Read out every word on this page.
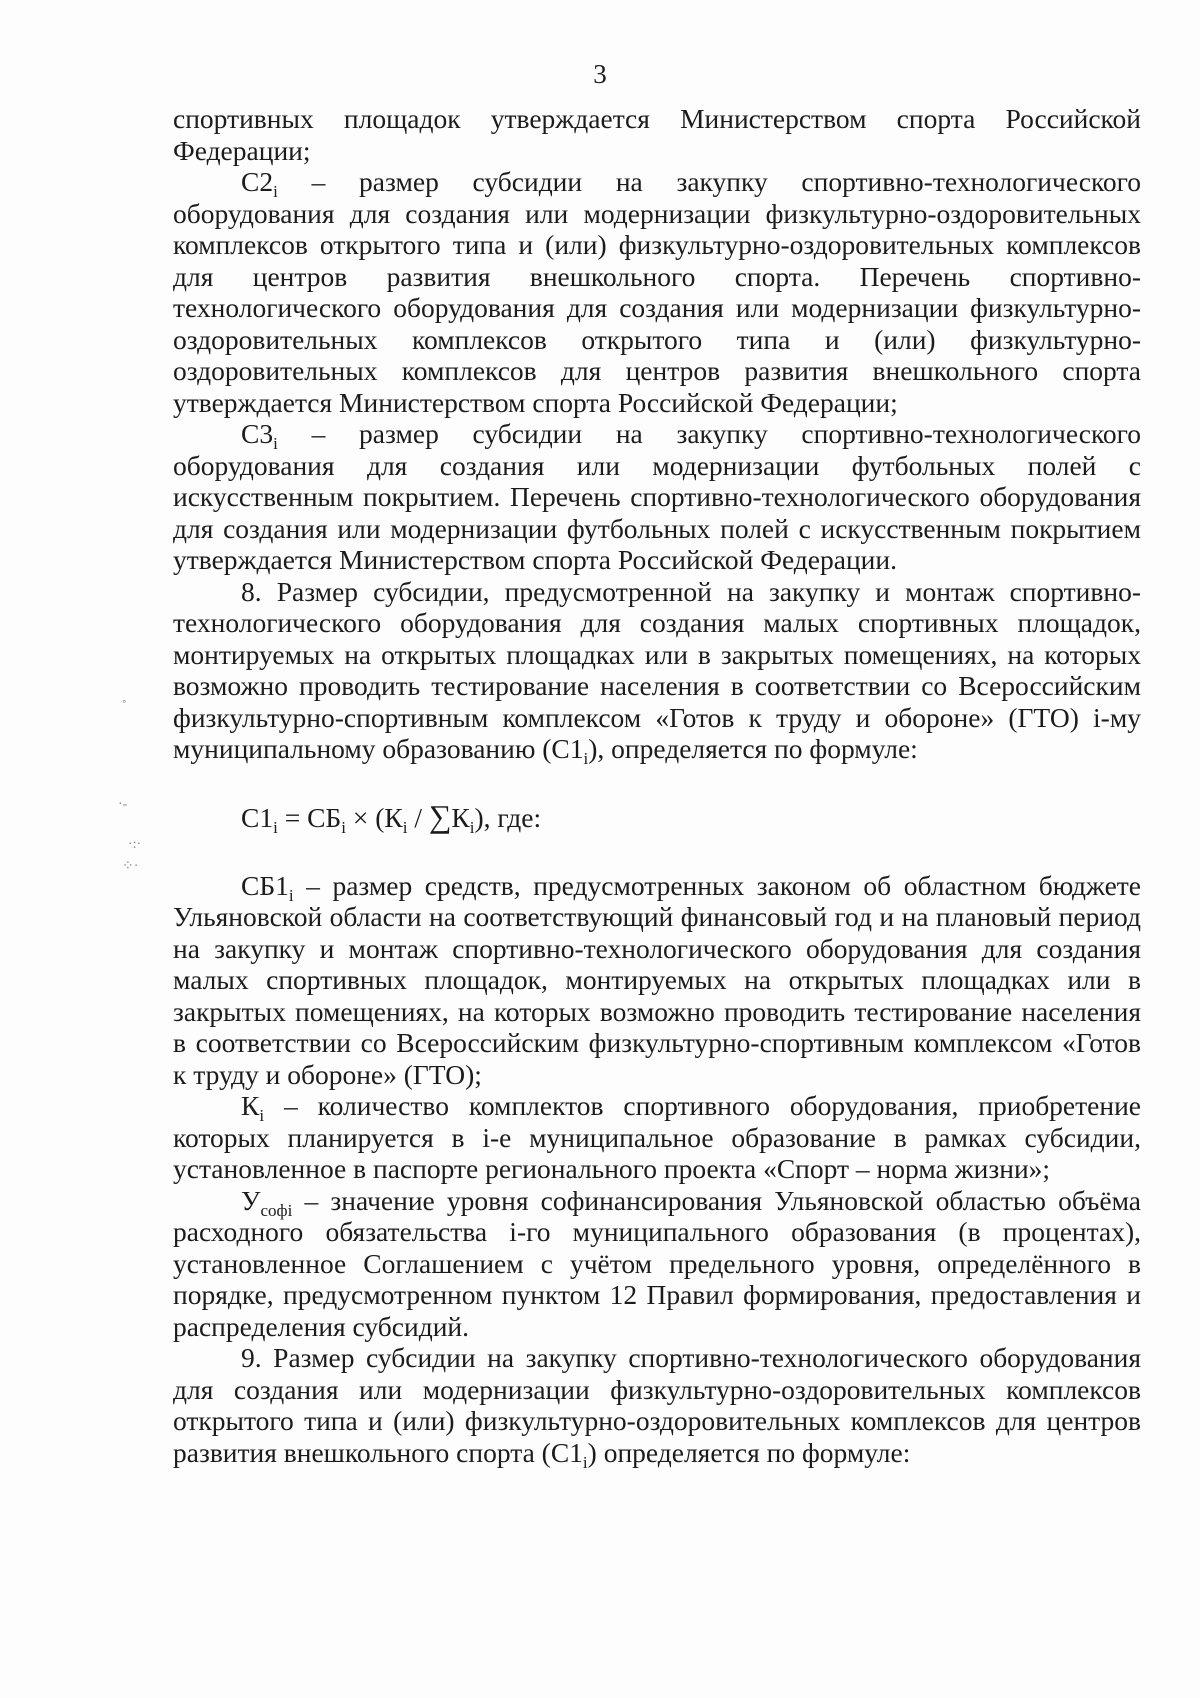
3
˚
·-
·:·
⁘·

спортивных площадок утверждается Министерством спорта Российской Федерации;

$С2_i$ – размер субсидии на закупку спортивно-технологического оборудования для создания или модернизации физкультурно-оздоровительных комплексов открытого типа и (или) физкультурно-оздоровительных комплексов для центров развития внешкольного спорта. Перечень спортивно-технологического оборудования для создания или модернизации физкультурно-оздоровительных комплексов открытого типа и (или) физкультурно-оздоровительных комплексов для центров развития внешкольного спорта утверждается Министерством спорта Российской Федерации;

$С3_i$ – размер субсидии на закупку спортивно-технологического оборудования для создания или модернизации футбольных полей с искусственным покрытием. Перечень спортивно-технологического оборудования для создания или модернизации футбольных полей с искусственным покрытием утверждается Министерством спорта Российской Федерации.

8. Размер субсидии, предусмотренной на закупку и монтаж спортивно-технологического оборудования для создания малых спортивных площадок, монтируемых на открытых площадках или в закрытых помещениях, на которых возможно проводить тестирование населения в соответствии со Всероссийским физкультурно-спортивным комплексом «Готов к труду и обороне» (ГТО) i-му муниципальному образованию $(С1_i)$, определяется по формуле:

$С1_i = СБ_i \times (К_i / \sum К_i)$, где:

$СБ1_i$ – размер средств, предусмотренных законом об областном бюджете Ульяновской области на соответствующий финансовый год и на плановый период на закупку и монтаж спортивно-технологического оборудования для создания малых спортивных площадок, монтируемых на открытых площадках или в закрытых помещениях, на которых возможно проводить тестирование населения в соответствии со Всероссийским физкультурно-спортивным комплексом «Готов к труду и обороне» (ГТО);

$К_i$ – количество комплектов спортивного оборудования, приобретение которых планируется в i-е муниципальное образование в рамках субсидии, установленное в паспорте регионального проекта «Спорт – норма жизни»;

$У_{софi}$ – значение уровня софинансирования Ульяновской областью объёма расходного обязательства i-го муниципального образования (в процентах), установленное Соглашением с учётом предельного уровня, определённого в порядке, предусмотренном пунктом 12 Правил формирования, предоставления и распределения субсидий.

9. Размер субсидии на закупку спортивно-технологического оборудования для создания или модернизации физкультурно-оздоровительных комплексов открытого типа и (или) физкультурно-оздоровительных комплексов для центров развития внешкольного спорта $(С1_i)$ определяется по формуле:
